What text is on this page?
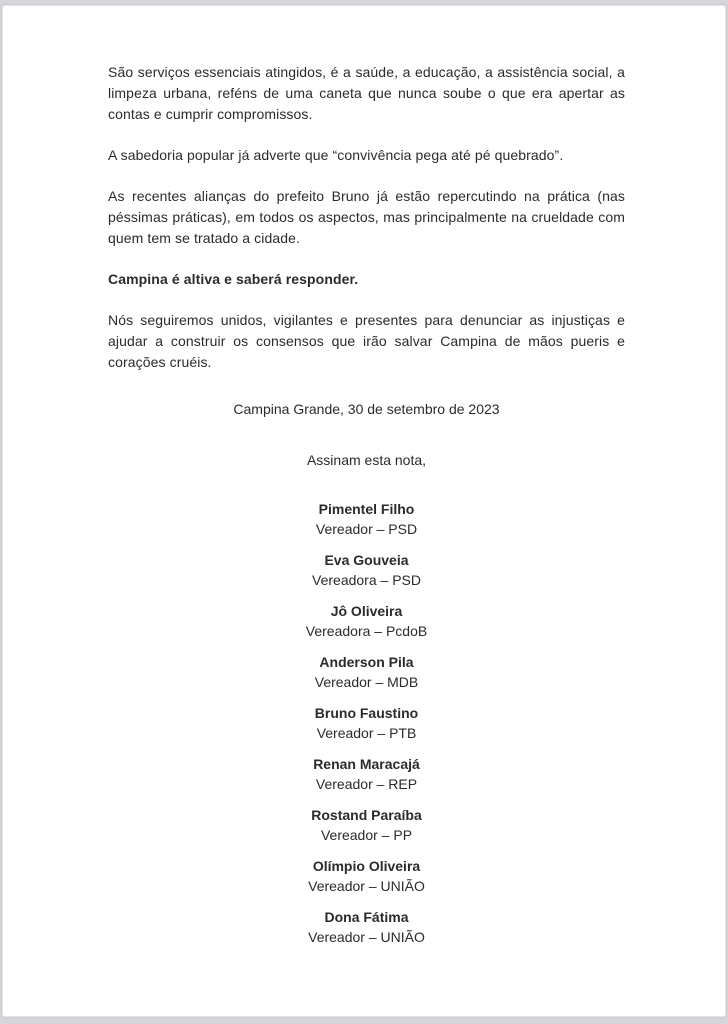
São serviços essenciais atingidos, é a saúde, a educação, a assistência social, a limpeza urbana, reféns de uma caneta que nunca soube o que era apertar as contas e cumprir compromissos.

A sabedoria popular já adverte que “convivência pega até pé quebrado”.

As recentes alianças do prefeito Bruno já estão repercutindo na prática (nas péssimas práticas), em todos os aspectos, mas principalmente na crueldade com quem tem se tratado a cidade.

Campina é altiva e saberá responder.

Nós seguiremos unidos, vigilantes e presentes para denunciar as injustiças e ajudar a construir os consensos que irão salvar Campina de mãos pueris e corações cruéis.

Campina Grande, 30 de setembro de 2023

Assinam esta nota,

Pimentel Filho
Vereador – PSD
Eva Gouveia
Vereadora – PSD
Jô Oliveira
Vereadora – PcdoB
Anderson Pila
Vereador – MDB
Bruno Faustino
Vereador – PTB
Renan Maracajá
Vereador – REP
Rostand Paraíba
Vereador – PP
Olímpio Oliveira
Vereador – UNIÃO
Dona Fátima
Vereador – UNIÃO
